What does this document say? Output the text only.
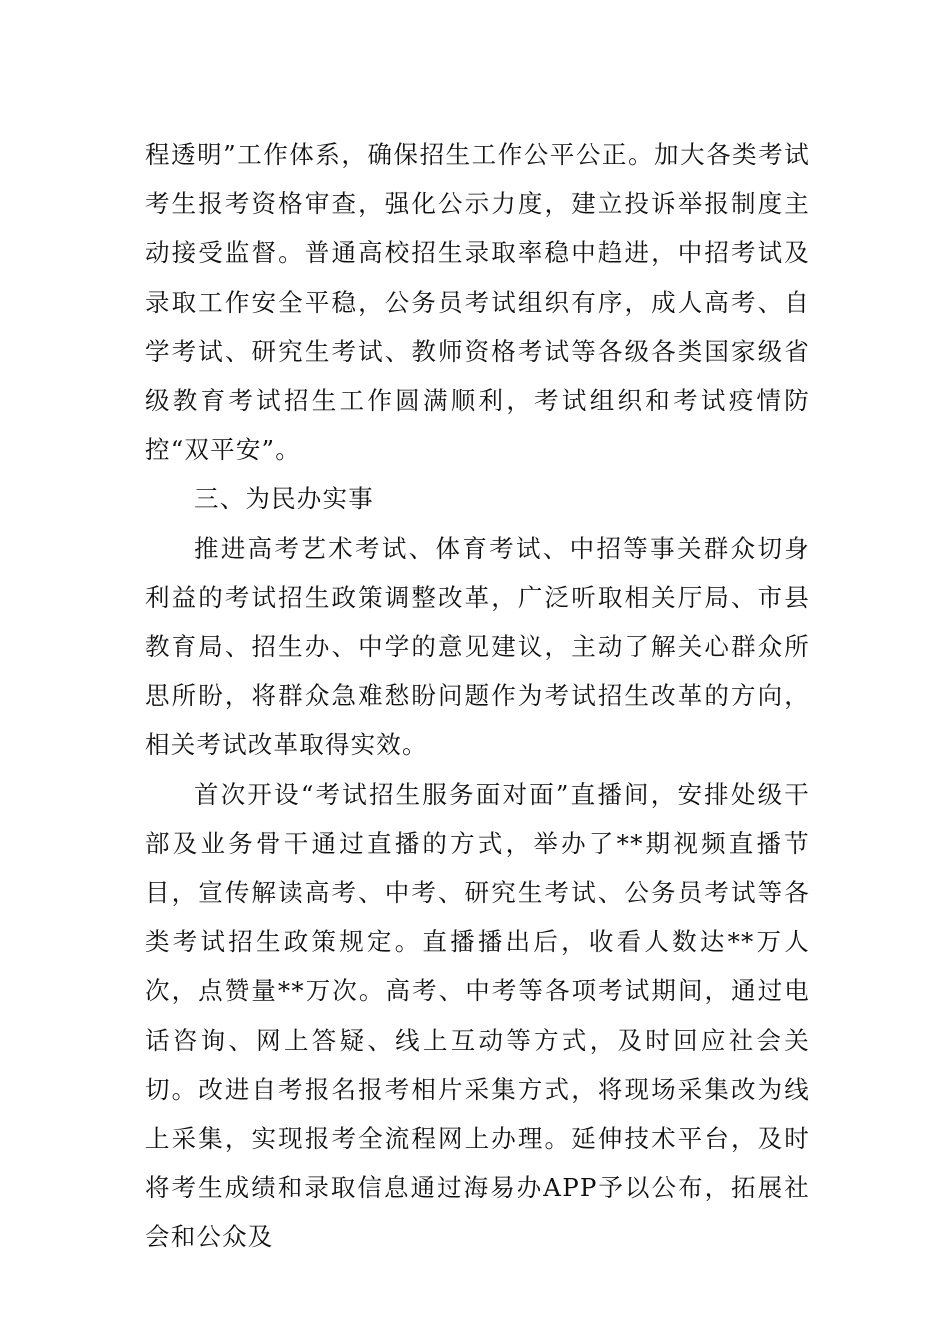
程透明”工作体系，确保招生工作公平公正。加大各类考试考生报考资格审查，强化公示力度，建立投诉举报制度主动接受监督。普通高校招生录取率稳中趋进，中招考试及录取工作安全平稳，公务员考试组织有序，成人高考、自学考试、研究生考试、教师资格考试等各级各类国家级省级教育考试招生工作圆满顺利，考试组织和考试疫情防控“双平安”。

三、为民办实事

推进高考艺术考试、体育考试、中招等事关群众切身利益的考试招生政策调整改革，广泛听取相关厅局、市县教育局、招生办、中学的意见建议，主动了解关心群众所思所盼，将群众急难愁盼问题作为考试招生改革的方向，相关考试改革取得实效。

首次开设“考试招生服务面对面”直播间，安排处级干部及业务骨干通过直播的方式，举办了**期视频直播节目，宣传解读高考、中考、研究生考试、公务员考试等各类考试招生政策规定。直播播出后，收看人数达**万人次，点赞量**万次。高考、中考等各项考试期间，通过电话咨询、网上答疑、线上互动等方式，及时回应社会关切。改进自考报名报考相片采集方式，将现场采集改为线上采集，实现报考全流程网上办理。延伸技术平台，及时将考生成绩和录取信息通过海易办APP予以公布，拓展社会和公众及
